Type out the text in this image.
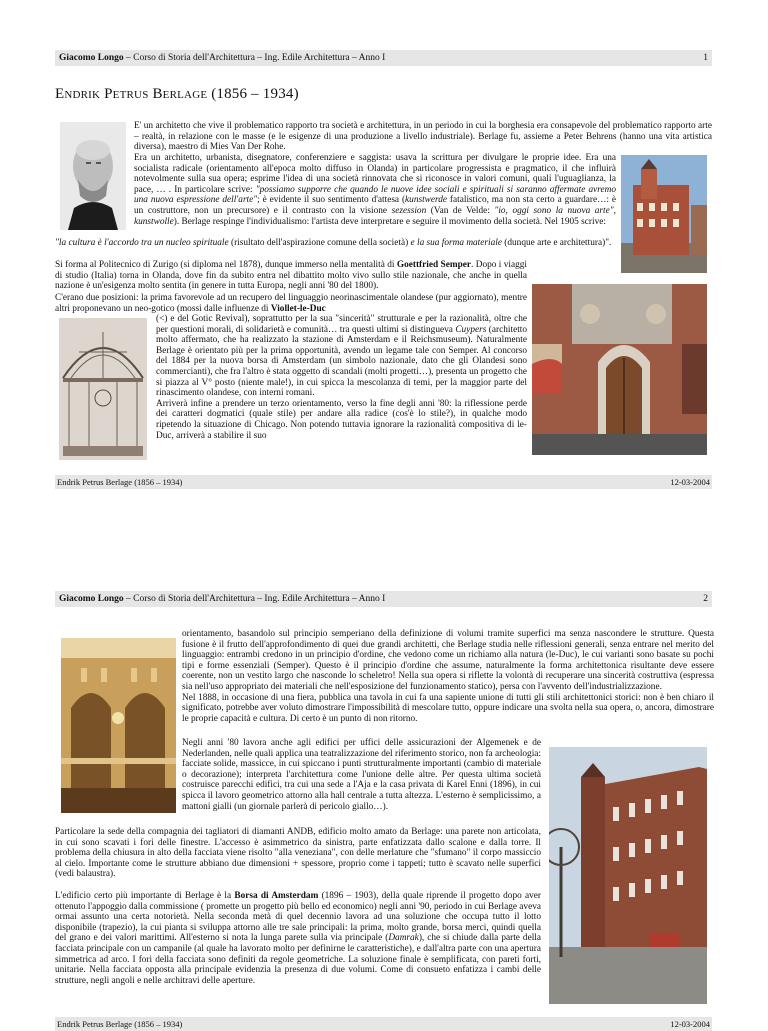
Giacomo Longo – Corso di Storia dell'Architettura – Ing. Edile Architettura – Anno I	1
Endrik Petrus Berlage (1856 – 1934)

E' un architetto che vive il problematico rapporto tra società e architettura, in un periodo in cui la borghesia era consapevole del problematico rapporto arte – realtà, in relazione con le masse (e le esigenze di una produzione a livello industriale). Berlage fu, assieme a Peter Behrens (hanno una vita artistica diversa), maestro di Mies Van Der Rohe.

Era un architetto, urbanista, disegnatore, conferenziere e saggista: usava la scrittura per divulgare le proprie idee. Era una socialista radicale (orientamento all'epoca molto diffuso in Olanda) in particolare progressista e pragmatico, il che influirà notevolmente sulla sua opera; esprime l'idea di una società rinnovata che si riconosce in valori comuni, quali l'uguaglianza, la pace, … . In particolare scrive: "possiamo supporre che quando le nuove idee sociali e spirituali si saranno affermate avremo una nuova espressione dell'arte"; è evidente il suo sentimento d'attesa (kunstwerde fatalistico, ma non sta certo a guardare…: è un costruttore, non un precursore) e il contrasto con la visione sezession (Van de Velde: "io, oggi sono la nuova arte", kunstwolle). Berlage respinge l'individualismo: l'artista deve interpretare e seguire il movimento della società. Nel 1905 scrive:

"la cultura è l'accordo tra un nucleo spirituale (risultato dell'aspirazione comune della società) e la sua forma materiale (dunque arte e architettura)".

Si forma al Politecnico di Zurigo (si diploma nel 1878), dunque immerso nella mentalità di Goettfried Semper. Dopo i viaggi di studio (Italia) torna in Olanda, dove fin da subito entra nel dibattito molto vivo sullo stile nazionale, che anche in quella nazione è un'esigenza molto sentita (in genere in tutta Europa, negli anni '80 del 1800).

C'erano due posizioni: la prima favorevole ad un recupero del linguaggio neorinascimentale olandese (pur aggiornato), mentre altri proponevano un neo-gotico (mossi dalle influenze di Viollet-le-Duc

(<) e del Gotic Revival), soprattutto per la sua "sincerità" strutturale e per la razionalità, oltre che per questioni morali, di solidarietà e comunità… tra questi ultimi si distingueva Cuypers (architetto molto affermato, che ha realizzato la stazione di Amsterdam e il Reichsmuseum). Naturalmente Berlage è orientato più per la prima opportunità, avendo un legame tale con Semper. Al concorso del 1884 per la nuova borsa di Amsterdam (un simbolo nazionale, dato che gli Olandesi sono commercianti), che fra l'altro è stata oggetto di scandali (molti progetti…), presenta un progetto che si piazza al V° posto (niente male!), in cui spicca la mescolanza di temi, per la maggior parte del rinascimento olandese, con interni romani.

Arriverà infine a prendere un terzo orientamento, verso la fine degli anni '80: la riflessione perde dei caratteri dogmatici (quale stile) per andare alla radice (cos'è lo stile?), in qualche modo ripetendo la situazione di Chicago. Non potendo tuttavia ignorare la razionalità compositiva di le-Duc, arriverà a stabilire il suo

Endrik Petrus Berlage (1856 – 1934)	12-03-2004
Giacomo Longo – Corso di Storia dell'Architettura – Ing. Edile Architettura – Anno I	2

orientamento, basandolo sul principio semperiano della definizione di volumi tramite superfici ma senza nascondere le strutture. Questa fusione è il frutto dell'approfondimento di quei due grandi architetti, che Berlage studia nelle riflessioni generali, senza entrare nel merito del linguaggio: entrambi credono in un principio d'ordine, che vedono come un richiamo alla natura (le-Duc), le cui varianti sono basate su pochi tipi e forme essenziali (Semper). Questo è il principio d'ordine che assume, naturalmente la forma architettonica risultante deve essere coerente, non un vestito largo che nasconde lo scheletro! Nella sua opera si riflette la volontà di recuperare una sincerità costruttiva (espressa sia nell'uso appropriato dei materiali che nell'esposizione del funzionamento statico), persa con l'avvento dell'industrializzazione.

Nel 1888, in occasione di una fiera, pubblica una tavola in cui fa una sapiente unione di tutti gli stili architettonici storici: non è ben chiaro il significato, potrebbe aver voluto dimostrare l'impossibilità di mescolare tutto, oppure indicare una svolta nella sua opera, o, ancora, dimostrare le proprie capacità e cultura. Di certo è un punto di non ritorno.

Negli anni '80 lavora anche agli edifici per uffici delle assicurazioni der Algemenek e de Nederlanden, nelle quali applica una teatralizzazione del riferimento storico, non fa archeologia: facciate solide, massicce, in cui spiccano i punti strutturalmente importanti (cambio di materiale o decorazione); interpreta l'architettura come l'unione delle altre. Per questa ultima società costruisce parecchi edifici, tra cui una sede a l'Aja e la casa privata di Karel Enni (1896), in cui spicca il lavoro geometrico attorno alla hall centrale a tutta altezza. L'esterno è semplicissimo, a mattoni gialli (un giornale parlerà di pericolo giallo…).

Particolare la sede della compagnia dei tagliatori di diamanti ANDB, edificio molto amato da Berlage: una parete non articolata, in cui sono scavati i fori delle finestre. L'accesso è asimmetrico da sinistra, parte enfatizzata dallo scalone e dalla torre. Il problema della chiusura in alto della facciata viene risolto "alla veneziana", con delle merlature che "sfumano" il corpo massiccio al cielo. Importante come le strutture abbiano due dimensioni + spessore, proprio come i tappeti; tutto è scavato nelle superfici (vedi balaustra).

L'edificio certo più importante di Berlage è la Borsa di Amsterdam (1896 – 1903), della quale riprende il progetto dopo aver ottenuto l'appoggio dalla commissione ( promette un progetto più bello ed economico) negli anni '90, periodo in cui Berlage aveva ormai assunto una certa notorietà. Nella seconda metà di quel decennio lavora ad una soluzione che occupa tutto il lotto disponibile (trapezio), la cui pianta si sviluppa attorno alle tre sale principali: la prima, molto grande, borsa merci, quindi quella del grano e dei valori marittimi. All'esterno si nota la lunga parete sulla via principale (Damrak), che si chiude dalla parte della facciata principale con un campanile (al quale ha lavorato molto per definirne le caratteristiche), e dall'altra parte con una apertura simmetrica ad arco. I fori della facciata sono definiti da regole geometriche. La soluzione finale è semplificata, con pareti forti, unitarie. Nella facciata opposta alla principale evidenzia la presenza di due volumi. Come di consueto enfatizza i cambi delle strutture, negli angoli e nelle architravi delle aperture.

Endrik Petrus Berlage (1856 – 1934)	12-03-2004
